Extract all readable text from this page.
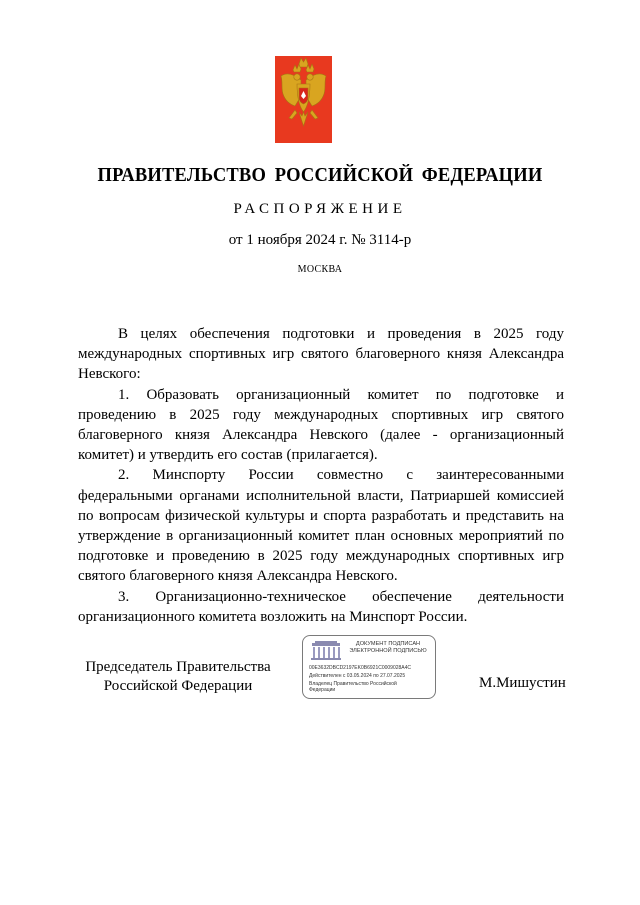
ПРАВИТЕЛЬСТВО РОССИЙСКОЙ ФЕДЕРАЦИИ
РАСПОРЯЖЕНИЕ
от 1 ноября 2024 г. № 3114-р
МОСКВА

В целях обеспечения подготовки и проведения в 2025 году международных спортивных игр святого благоверного князя Александра Невского:

1. Образовать организационный комитет по подготовке и проведению в 2025 году международных спортивных игр святого благоверного князя Александра Невского (далее - организационный комитет) и утвердить его состав (прилагается).

2. Минспорту России совместно с заинтересованными федеральными органами исполнительной власти, Патриаршей комиссией по вопросам физической культуры и спорта разработать и представить на утверждение в организационный комитет план основных мероприятий по подготовке и проведению в 2025 году международных спортивных игр святого благоверного князя Александра Невского.

3. Организационно-техническое обеспечение деятельности организационного комитета возложить на Минспорт России.

Председатель Правительства
Российской Федерации
ДОКУМЕНТ ПОДПИСАН
ЭЛЕКТРОННОЙ ПОДПИСЬЮ
00E3632DBCD2197EK0B6921C0009028A4C
Действителен с 03.05.2024 по 27.07.2025
Владелец Правительство Российской
Федерации	М.Мишустин
